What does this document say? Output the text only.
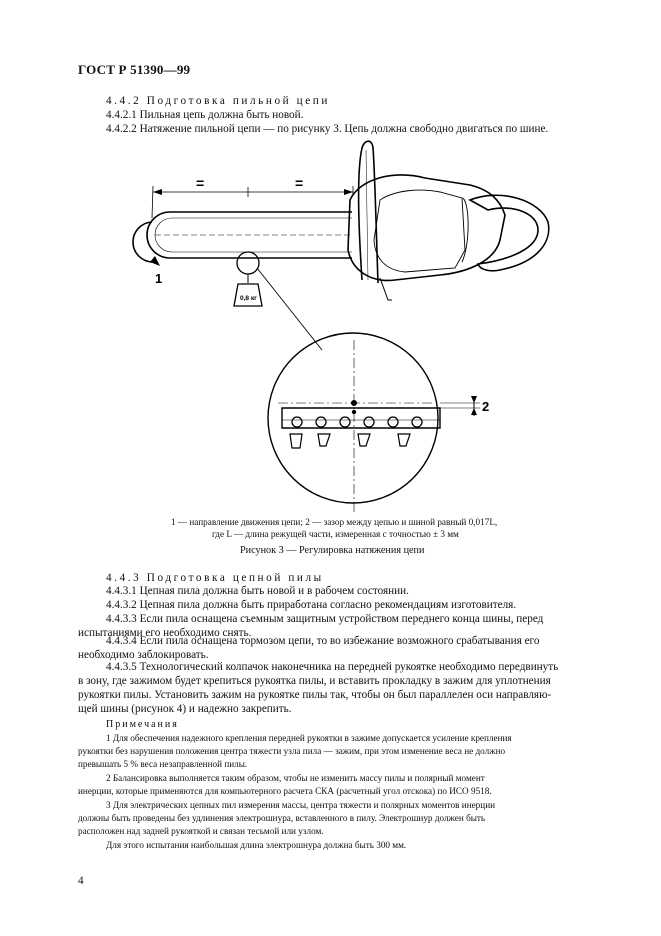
ГОСТ Р 51390—99
4.4.2 Подготовка пильной цепи
4.4.2.1 Пильная цепь должна быть новой.
4.4.2.2 Натяжение пильной цепи — по рисунку 3. Цепь должна свободно двигаться по шине.
=	=
0,8 кг
1
2
1 — направление движения цепи; 2 — зазор между цепью и шиной равный 0,017L,
где L — длина режущей части, измеренная с точностью ± 3 мм
Рисунок 3 — Регулировка натяжения цепи
4.4.3 Подготовка цепной пилы
4.4.3.1 Цепная пила должна быть новой и в рабочем состоянии.
4.4.3.2 Цепная пила должна быть приработана согласно рекомендациям изготовителя.
4.4.3.3 Если пила оснащена съемным защитным устройством переднего конца шины, перед
испытаниями его необходимо снять.
4.4.3.4 Если пила оснащена тормозом цепи, то во избежание возможного срабатывания его
необходимо заблокировать.
4.4.3.5 Технологический колпачок наконечника на передней рукоятке необходимо передвинуть
в зону, где зажимом будет крепиться рукоятка пилы, и вставить прокладку в зажим для уплотнения
рукоятки пилы. Установить зажим на рукоятке пилы так, чтобы он был параллелен оси направляю-
щей шины (рисунок 4) и надежно закрепить.
Примечания
1 Для обеспечения надежного крепления передней рукоятки в зажиме допускается усиление крепления
рукоятки без нарушения положения центра тяжести узла пила — зажим, при этом изменение веса не должно
превышать 5 % веса незаправленной пилы.
2 Балансировка выполняется таким образом, чтобы не изменить массу пилы и полярный момент
инерции, которые применяются для компьютерного расчета СКА (расчетный угол отскока) по ИСО 9518.
3 Для электрических цепных пил измерения массы, центра тяжести и полярных моментов инерции
должны быть проведены без удлинения электрошнура, вставленного в пилу. Электрошнур должен быть
расположен над задней рукояткой и связан тесьмой или узлом.
Для этого испытания наибольшая длина электрошнура должна быть 300 мм.
4
